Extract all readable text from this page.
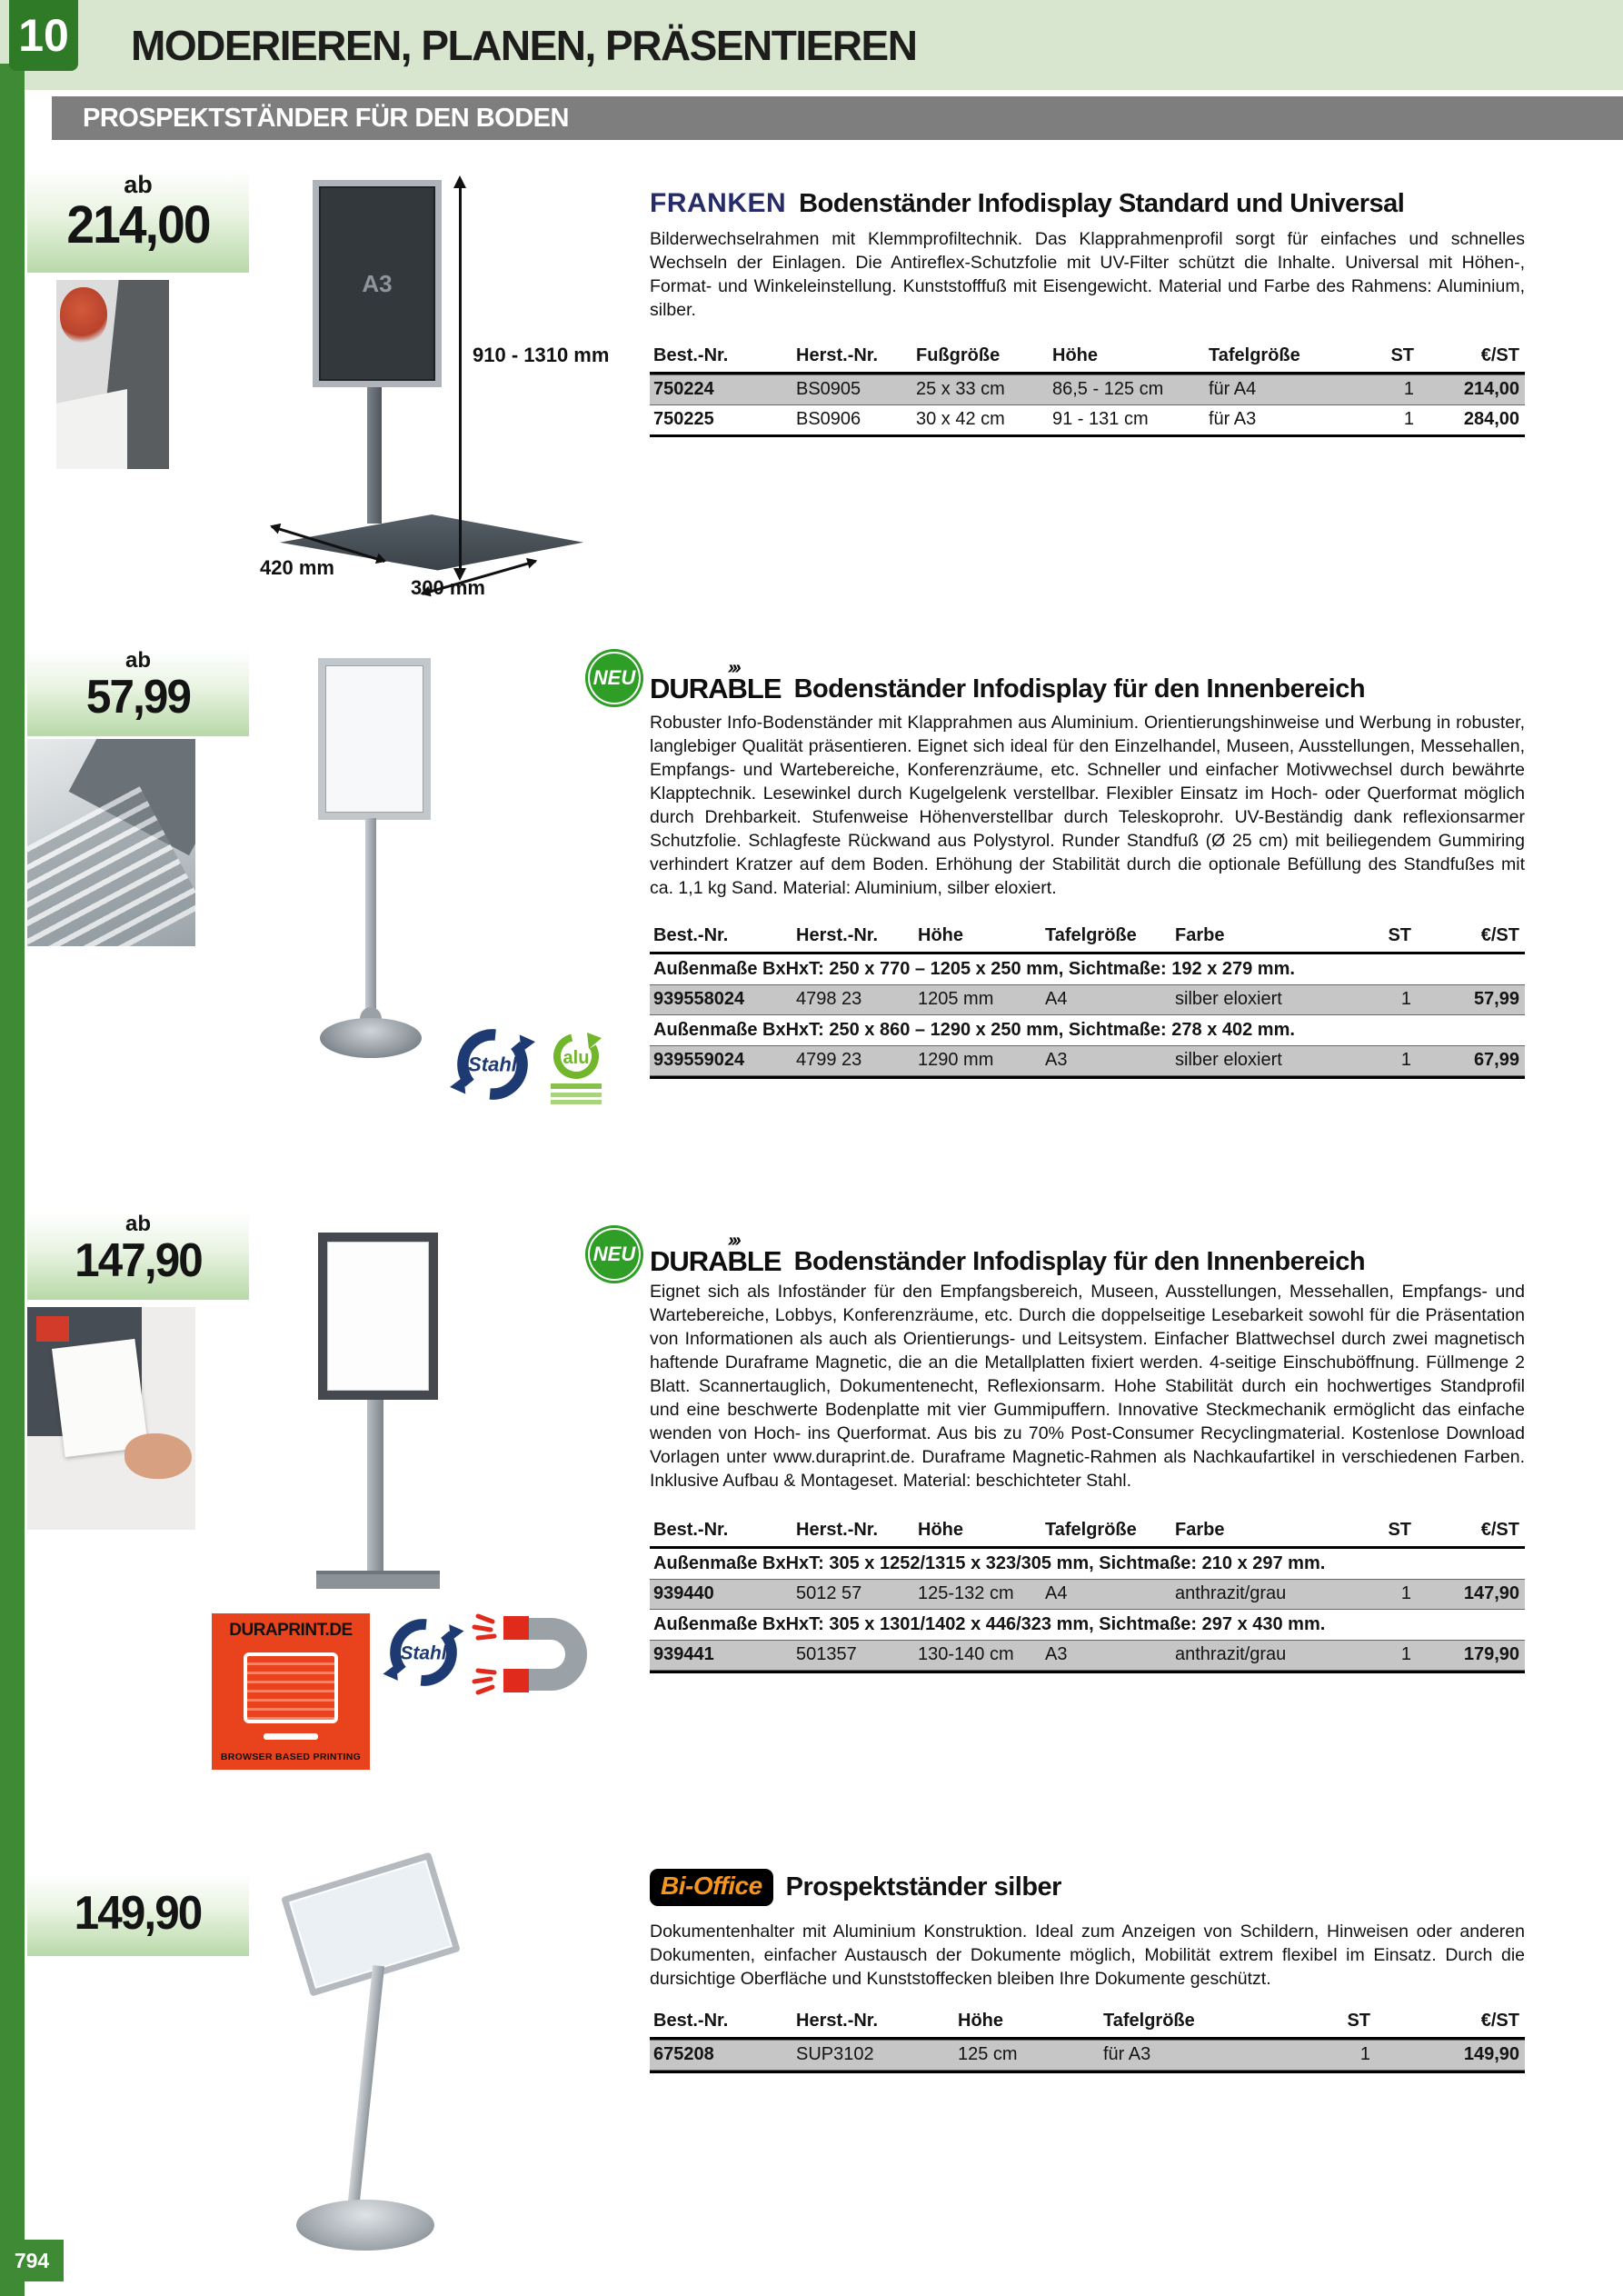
10 MODERIEREN, PLANEN, PRÄSENTIEREN
PROSPEKTSTÄNDER FÜR DEN BODEN
ab
214,00
A3
910 - 1310 mm
420 mm
300 mm
FRANKEN Bodenständer Infodisplay Standard und Universal
Bilderwechselrahmen mit Klemmprofiltechnik. Das Klapprahmenprofil sorgt für einfaches und schnelles Wechseln der Einlagen. Die Antireflex-Schutzfolie mit UV-Filter schützt die Inhalte. Universal mit Höhen-, Format- und Winkeleinstellung. Kunststofffuß mit Eisengewicht. Material und Farbe des Rahmens: Aluminium, silber.
Best.-Nr.	Herst.-Nr.	Fußgröße	Höhe	Tafelgröße	ST	€/ST
750224	BS0905	25 x 33 cm	86,5 - 125 cm	für A4	1	214,00
750225	BS0906	30 x 42 cm	91 - 131 cm	für A3	1	284,00
ab
57,99	NEU
››› DURABLE Bodenständer Infodisplay für den Innenbereich
Robuster Info-Bodenständer mit Klapprahmen aus Aluminium. Orientierungshinweise und Werbung in robuster, langlebiger Qualität präsentieren. Eignet sich ideal für den Einzelhandel, Museen, Ausstellungen, Messehallen, Empfangs- und Wartebereiche, Konferenzräume, etc. Schneller und einfacher Motivwechsel durch bewährte Klapptechnik. Lesewinkel durch Kugelgelenk verstellbar. Flexibler Einsatz im Hoch- oder Querformat möglich durch Drehbarkeit. Stufenweise Höhenverstellbar durch Teleskoprohr. UV-Beständig dank reflexionsarmer Schutzfolie. Schlagfeste Rückwand aus Polystyrol. Runder Standfuß (Ø 25 cm) mit beiliegendem Gummiring verhindert Kratzer auf dem Boden. Erhöhung der Stabilität durch die optionale Befüllung des Standfußes mit ca. 1,1 kg Sand. Material: Aluminium, silber eloxiert.
Best.-Nr.	Herst.-Nr.	Höhe	Tafelgröße	Farbe	ST	€/ST
Außenmaße BxHxT: 250 x 770 – 1205 x 250 mm, Sichtmaße: 192 x 279 mm.
939558024	4798 23	1205 mm	A4	silber eloxiert	1	57,99
Außenmaße BxHxT: 250 x 860 – 1290 x 250 mm, Sichtmaße: 278 x 402 mm.
939559024	4799 23	1290 mm	A3	silber eloxiert	1	67,99
Stahl	alu
ab
147,90	NEU
››› DURABLE Bodenständer Infodisplay für den Innenbereich
Eignet sich als Infoständer für den Empfangsbereich, Museen, Ausstellungen, Messehallen, Empfangs- und Wartebereiche, Lobbys, Konferenzräume, etc. Durch die doppelseitige Lesebarkeit sowohl für die Präsentation von Informationen als auch als Orientierungs- und Leitsystem. Einfacher Blattwechsel durch zwei magnetisch haftende Duraframe Magnetic, die an die Metallplatten fixiert werden. 4-seitige Einschuböffnung. Füllmenge 2 Blatt. Scannertauglich, Dokumentenecht, Reflexionsarm. Hohe Stabilität durch ein hochwertiges Standprofil und eine beschwerte Bodenplatte mit vier Gummipuffern. Innovative Steckmechanik ermöglicht das einfache wenden von Hoch- ins Querformat. Aus bis zu 70% Post-Consumer Recyclingmaterial. Kostenlose Download Vorlagen unter www.duraprint.de. Duraframe Magnetic-Rahmen als Nachkaufartikel in verschiedenen Farben. Inklusive Aufbau & Montageset. Material: beschichteter Stahl.
Best.-Nr.	Herst.-Nr.	Höhe	Tafelgröße	Farbe	ST	€/ST
Außenmaße BxHxT: 305 x 1252/1315 x 323/305 mm, Sichtmaße: 210 x 297 mm.
939440	5012 57	125-132 cm	A4	anthrazit/grau	1	147,90
Außenmaße BxHxT: 305 x 1301/1402 x 446/323 mm, Sichtmaße: 297 x 430 mm.
939441	501357	130-140 cm	A3	anthrazit/grau	1	179,90
DURAPRINT.DE
BROWSER BASED PRINTING
Stahl
149,90
Bi-Office Prospektständer silber
Dokumentenhalter mit Aluminium Konstruktion. Ideal zum Anzeigen von Schildern, Hinweisen oder anderen Dokumenten, einfacher Austausch der Dokumente möglich, Mobilität extrem flexibel im Einsatz. Durch die dursichtige Oberfläche und Kunststoffecken bleiben Ihre Dokumente geschützt.
Best.-Nr.	Herst.-Nr.	Höhe	Tafelgröße	ST	€/ST
675208	SUP3102	125 cm	für A3	1	149,90
794
